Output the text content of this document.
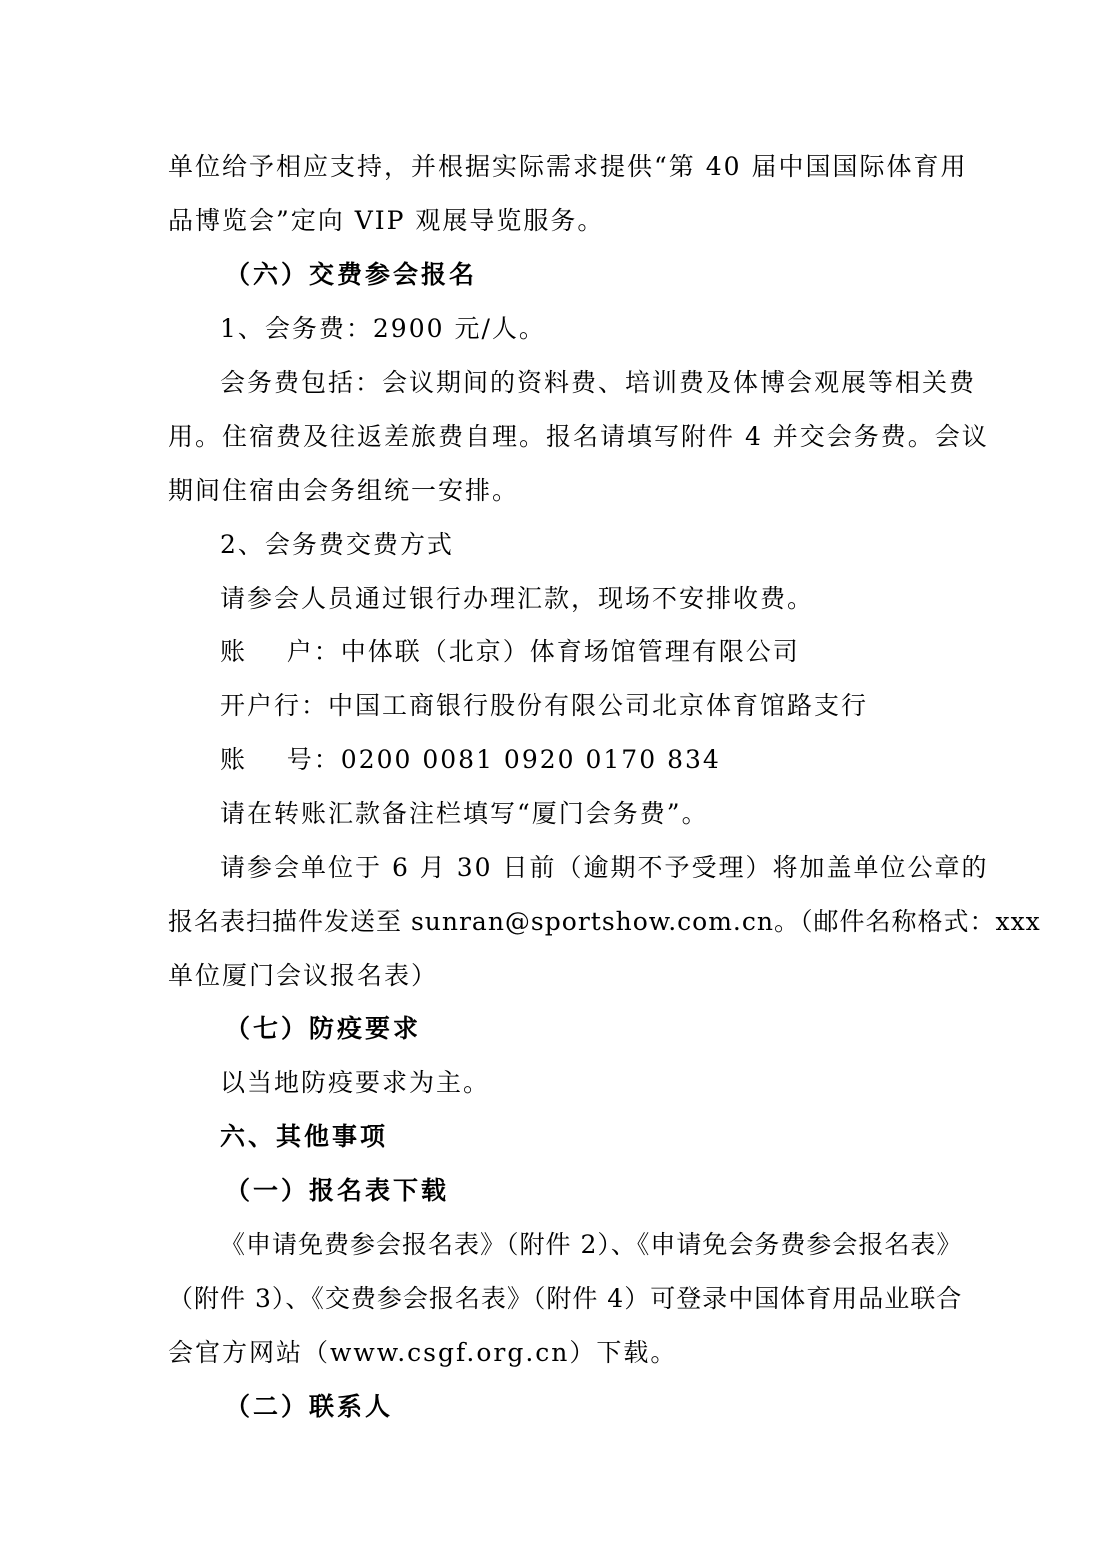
单位给予相应支持，并根据实际需求提供“第 40 届中国国际体育用
品博览会”定向 VIP 观展导览服务。
（六）交费参会报名
1、会务费：2900 元/人。
会务费包括：会议期间的资料费、培训费及体博会观展等相关费
用。住宿费及往返差旅费自理。报名请填写附件 4 并交会务费。会议
期间住宿由会务组统一安排。
2、会务费交费方式
请参会人员通过银行办理汇款，现场不安排收费。
账    户：中体联（北京）体育场馆管理有限公司
开户行：中国工商银行股份有限公司北京体育馆路支行
账    号：0200 0081 0920 0170 834
请在转账汇款备注栏填写“厦门会务费”。
请参会单位于 6 月 30 日前（逾期不予受理）将加盖单位公章的
报名表扫描件发送至 sunran@sportshow.com.cn。（邮件名称格式：xxx
单位厦门会议报名表）
（七）防疫要求
以当地防疫要求为主。
六、其他事项
（一）报名表下载
《申请免费参会报名表》（附件 2）、《申请免会务费参会报名表》
（附件 3）、《交费参会报名表》（附件 4）可登录中国体育用品业联合
会官方网站（www.csgf.org.cn）下载。
（二）联系人
